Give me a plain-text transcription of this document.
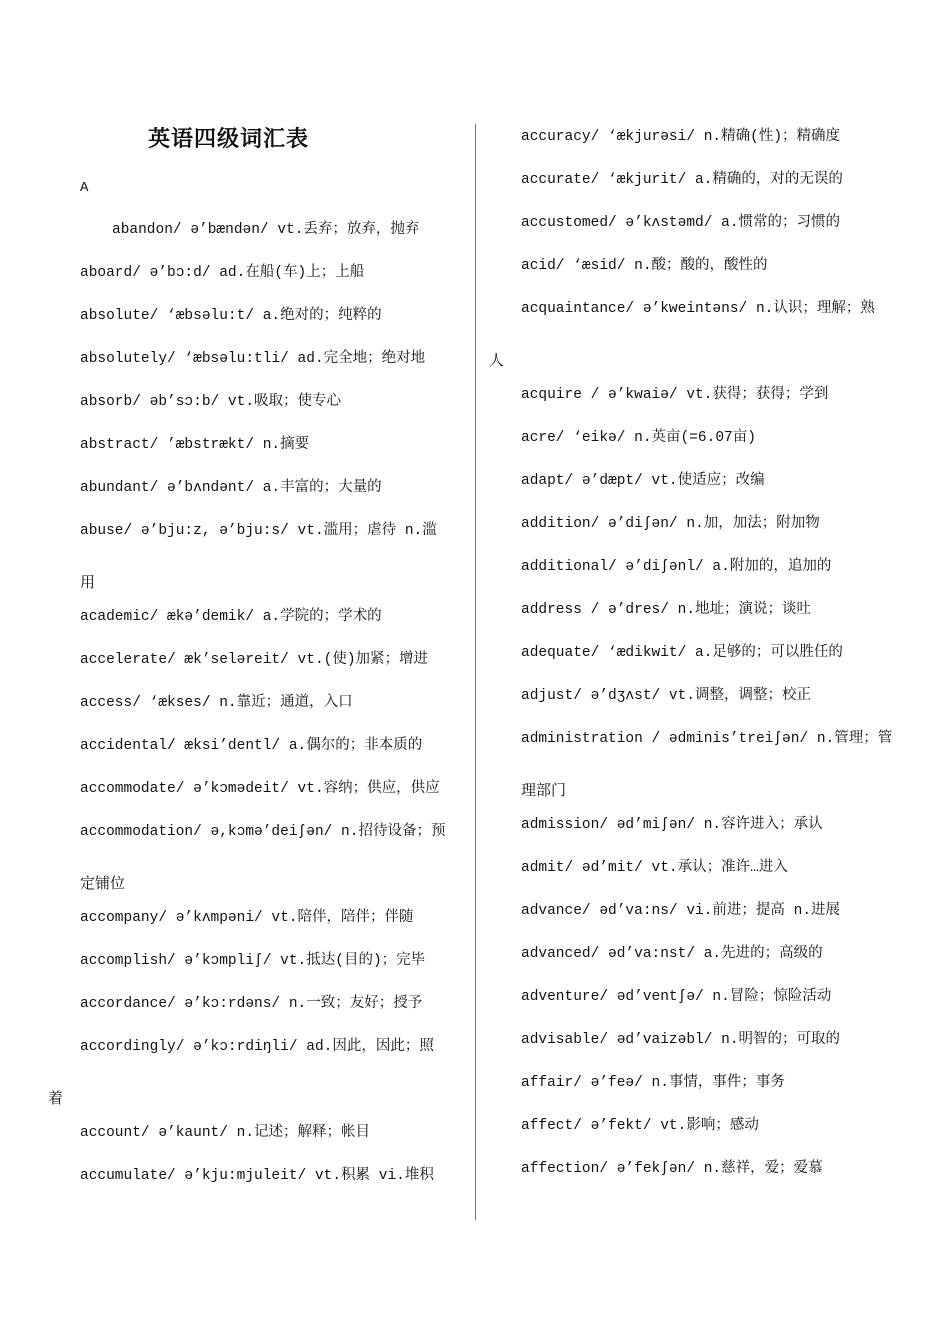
英语四级词汇表
A
abandon/ ə’bændən/ vt.丢弃；放弃，抛弃
aboard/ ə’bɔ:d/ ad.在船(车)上；上船
absolute/ ‘æbsəlu:t/ a.绝对的；纯粹的
absolutely/ ‘æbsəlu:tli/ ad.完全地；绝对地
absorb/ əb’sɔ:b/ vt.吸取；使专心
abstract/ ’æbstrækt/ n.摘要
abundant/ ə’bʌndənt/ a.丰富的；大量的
abuse/ ə’bju:z, ə’bju:s/ vt.滥用；虐待 n.滥
用
academic/ ækə’demik/ a.学院的；学术的
accelerate/ æk’seləreit/ vt.(使)加紧；增进
access/ ‘ækses/ n.靠近；通道，入口
accidental/ æksi’dentl/ a.偶尔的；非本质的
accommodate/ ə’kɔmədeit/ vt.容纳；供应，供应
accommodation/ ə,kɔmə’deiʃən/ n.招待设备；预
定铺位
accompany/ ə’kʌmpəni/ vt.陪伴，陪伴；伴随
accomplish/ ə’kɔmpliʃ/ vt.抵达(目的)；完毕
accordance/ ə’kɔ:rdəns/ n.一致；友好；授予
accordingly/ ə’kɔ:rdiŋli/ ad.因此，因此；照
着
account/ ə’kaunt/ n.记述；解释；帐目
accumulate/ ə’kju:mjuleit/ vt.积累 vi.堆积
accuracy/ ‘ækjurəsi/ n.精确(性)；精确度
accurate/ ‘ækjurit/ a.精确的，对的无误的
accustomed/ ə’kʌstəmd/ a.惯常的；习惯的
acid/ ‘æsid/ n.酸；酸的，酸性的
acquaintance/ ə’kweintəns/ n.认识；理解；熟
人
acquire / ə’kwaiə/ vt.获得；获得；学到
acre/ ‘eikə/ n.英亩(=6.07亩)
adapt/ ə’dæpt/ vt.使适应；改编
addition/ ə’diʃən/ n.加，加法；附加物
additional/ ə’diʃənl/ a.附加的，追加的
address / ə’dres/ n.地址；演说；谈吐
adequate/ ‘ædikwit/ a.足够的；可以胜任的
adjust/ ə’dʒʌst/ vt.调整，调整；校正
administration / ədminis’treiʃən/ n.管理；管
理部门
admission/ əd’miʃən/ n.容许进入；承认
admit/ əd’mit/ vt.承认；准许…进入
advance/ əd’va:ns/ vi.前进；提高 n.进展
advanced/ əd’va:nst/ a.先进的；高级的
adventure/ əd’ventʃə/ n.冒险；惊险活动
advisable/ əd’vaizəbl/ n.明智的；可取的
affair/ ə’feə/ n.事情，事件；事务
affect/ ə’fekt/ vt.影响；感动
affection/ ə’fekʃən/ n.慈祥，爱；爱慕
